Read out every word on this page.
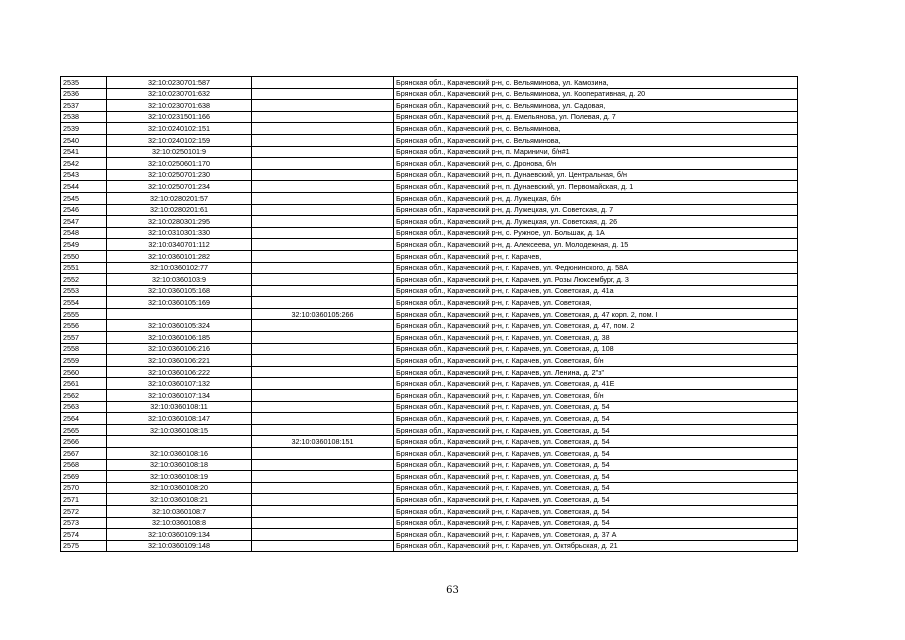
2535	32:10:0230701:587		Брянская обл., Карачевский р-н, с. Вельяминова, ул. Камозина,
2536	32:10:0230701:632		Брянская обл., Карачевский р-н, с. Вельяминова, ул. Кооперативная, д. 20
2537	32:10:0230701:638		Брянская обл., Карачевский р-н, с. Вельяминова, ул. Садовая,
2538	32:10:0231501:166		Брянская обл., Карачевский р-н, д. Емельянова, ул. Полевая, д. 7
2539	32:10:0240102:151		Брянская обл., Карачевский р-н, с. Вельяминова,
2540	32:10:0240102:159		Брянская обл., Карачевский р-н, с. Вельяминова,
2541	32:10:0250101:9		Брянская обл., Карачевский р-н, п. Мариничи, б/н#1
2542	32:10:0250601:170		Брянская обл., Карачевский р-н, с. Дронова, б/н
2543	32:10:0250701:230		Брянская обл., Карачевский р-н, п. Дунаевский, ул. Центральная, б/н
2544	32:10:0250701:234		Брянская обл., Карачевский р-н, п. Дунаевский, ул. Первомайская, д. 1
2545	32:10:0280201:57		Брянская обл., Карачевский р-н, д. Лужецкая, б/н
2546	32:10:0280201:61		Брянская обл., Карачевский р-н, д. Лужецкая, ул. Советская, д. 7
2547	32:10:0280301:295		Брянская обл., Карачевский р-н, д. Лужецкая, ул. Советская, д. 26
2548	32:10:0310301:330		Брянская обл., Карачевский р-н, с. Ружное, ул. Большак, д. 1А
2549	32:10:0340701:112		Брянская обл., Карачевский р-н, д. Алексеева, ул. Молодежная, д. 15
2550	32:10:0360101:282		Брянская обл., Карачевский р-н, г. Карачев,
2551	32:10:0360102:77		Брянская обл., Карачевский р-н, г. Карачев, ул. Федюнинского, д. 58А
2552	32:10:0360103:9		Брянская обл., Карачевский р-н, г. Карачев, ул. Розы Люксембург, д. 3
2553	32:10:0360105:168		Брянская обл., Карачевский р-н, г. Карачев, ул. Советская, д. 41а
2554	32:10:0360105:169		Брянская обл., Карачевский р-н, г. Карачев, ул. Советская,
2555		32:10:0360105:266	Брянская обл., Карачевский р-н, г. Карачев, ул. Советская, д. 47 корп. 2, пом. I
2556	32:10:0360105:324		Брянская обл., Карачевский р-н, г. Карачев, ул. Советская, д. 47, пом. 2
2557	32:10:0360106:185		Брянская обл., Карачевский р-н, г. Карачев, ул. Советская, д. 38
2558	32:10:0360106:216		Брянская обл., Карачевский р-н, г. Карачев, ул. Советская, д. 108
2559	32:10:0360106:221		Брянская обл., Карачевский р-н, г. Карачев, ул. Советская, б/н
2560	32:10:0360106:222		Брянская обл., Карачевский р-н, г. Карачев, ул. Ленина, д. 2"з"
2561	32:10:0360107:132		Брянская обл., Карачевский р-н, г. Карачев, ул. Советская, д. 41Е
2562	32:10:0360107:134		Брянская обл., Карачевский р-н, г. Карачев, ул. Советская, б/н
2563	32:10:0360108:11		Брянская обл., Карачевский р-н, г. Карачев, ул. Советская, д. 54
2564	32:10:0360108:147		Брянская обл., Карачевский р-н, г. Карачев, ул. Советская, д. 54
2565	32:10:0360108:15		Брянская обл., Карачевский р-н, г. Карачев, ул. Советская, д. 54
2566		32:10:0360108:151	Брянская обл., Карачевский р-н, г. Карачев, ул. Советская, д. 54
2567	32:10:0360108:16		Брянская обл., Карачевский р-н, г. Карачев, ул. Советская, д. 54
2568	32:10:0360108:18		Брянская обл., Карачевский р-н, г. Карачев, ул. Советская, д. 54
2569	32:10:0360108:19		Брянская обл., Карачевский р-н, г. Карачев, ул. Советская, д. 54
2570	32:10:0360108:20		Брянская обл., Карачевский р-н, г. Карачев, ул. Советская, д. 54
2571	32:10:0360108:21		Брянская обл., Карачевский р-н, г. Карачев, ул. Советская, д. 54
2572	32:10:0360108:7		Брянская обл., Карачевский р-н, г. Карачев, ул. Советская, д. 54
2573	32:10:0360108:8		Брянская обл., Карачевский р-н, г. Карачев, ул. Советская, д. 54
2574	32:10:0360109:134		Брянская обл., Карачевский р-н, г. Карачев, ул. Советская, д. 37 А
2575	32:10:0360109:148		Брянская обл., Карачевский р-н, г. Карачев, ул. Октябрьская, д. 21
63
